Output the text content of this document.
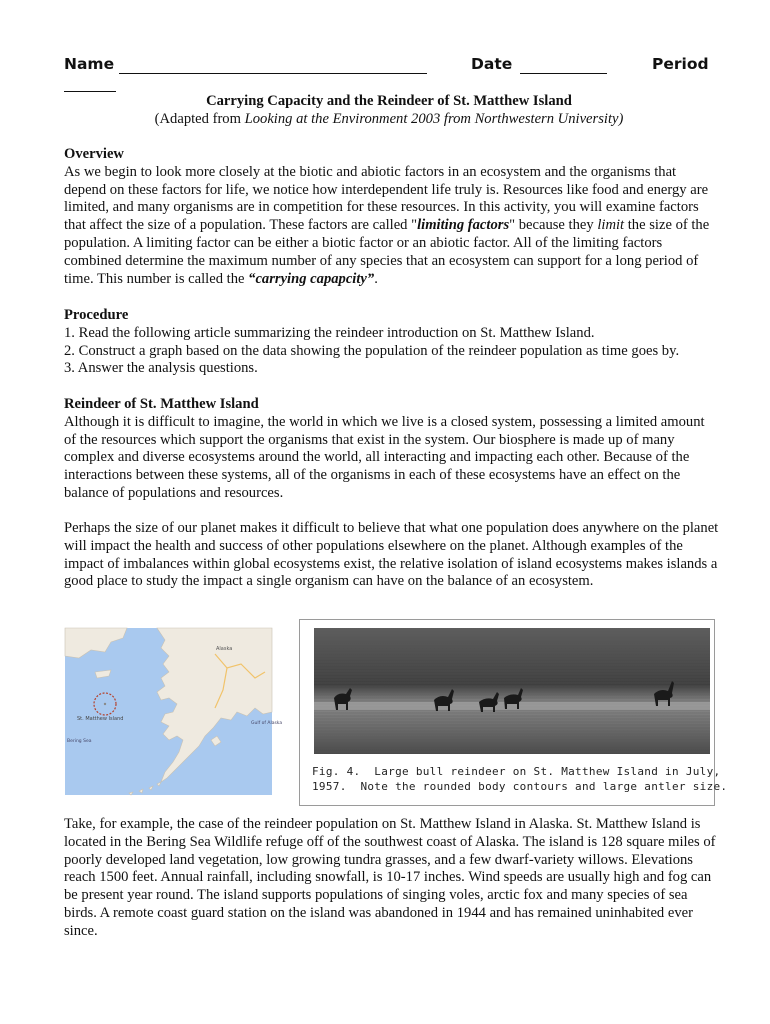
Name	Date	Period
Carrying Capacity and the Reindeer of St. Matthew Island
(Adapted from Looking at the Environment 2003 from Northwestern University)
Overview

As we begin to look more closely at the biotic and abiotic factors in an ecosystem and the organisms that depend on these factors for life, we notice how interdependent life truly is. Resources like food and energy are limited, and many organisms are in competition for these resources. In this activity, you will examine factors that affect the size of a population. These factors are called "limiting factors" because they limit the size of the population. A limiting factor can be either a biotic factor or an abiotic factor. All of the limiting factors combined determine the maximum number of any species that an ecosystem can support for a long period of time. This number is called the “carrying capapcity”.

Procedure
1. Read the following article summarizing the reindeer introduction on St. Matthew Island.
2. Construct a graph based on the data showing the population of the reindeer population as time goes by.
3. Answer the analysis questions.
Reindeer of St. Matthew Island

Although it is difficult to imagine, the world in which we live is a closed system, possessing a limited amount of the resources which support the organisms that exist in the system. Our biosphere is made up of many complex and diverse ecosystems around the world, all interacting and impacting each other. Because of the interactions between these systems, all of the organisms in each of these ecosystems have an effect on the balance of populations and resources.

Perhaps the size of our planet makes it difficult to believe that what one population does anywhere on the planet will impact the health and success of other populations elsewhere on the planet. Although examples of the impact of imbalances within global ecosystems exist, the relative isolation of island ecosystems makes islands a good place to study the impact a single organism can have on the balance of an ecosystem.

Alaska
St. Matthew Island
Bering Sea
Gulf of Alaska
Fig. 4.  Large bull reindeer on St. Matthew Island in July,
1957.  Note the rounded body contours and large antler size.

Take, for example, the case of the reindeer population on St. Matthew Island in Alaska. St. Matthew Island is located in the Bering Sea Wildlife refuge off of the southwest coast of Alaska. The island is 128 square miles of poorly developed land vegetation, low growing tundra grasses, and a few dwarf-variety willows. Elevations reach 1500 feet. Annual rainfall, including snowfall, is 10-17 inches. Wind speeds are usually high and fog can be present year round. The island supports populations of singing voles, arctic fox and many species of sea birds. A remote coast guard station on the island was abandoned in 1944 and has remained uninhabited ever since.
